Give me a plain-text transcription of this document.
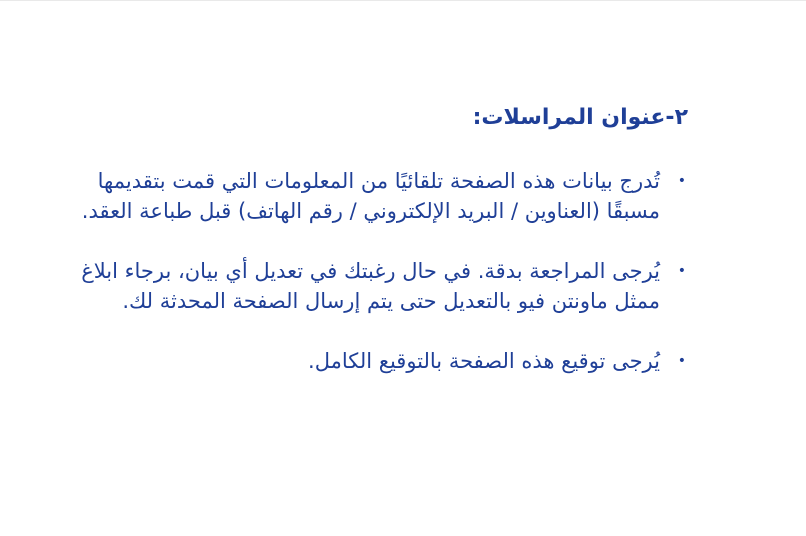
٢-عنوان المراسلات:
•
تُدرج بيانات هذه الصفحة تلقائيًا من المعلومات التي قمت بتقديمها مسبقًا (العناوين / البريد الإلكتروني / رقم الهاتف) قبل طباعة العقد.
•
يُرجى المراجعة بدقة. في حال رغبتك في تعديل أي بيان، برجاء ابلاغ ممثل ماونتن فيو بالتعديل حتى يتم إرسال الصفحة المحدثة لك.
•
يُرجى توقيع هذه الصفحة بالتوقيع الكامل.
